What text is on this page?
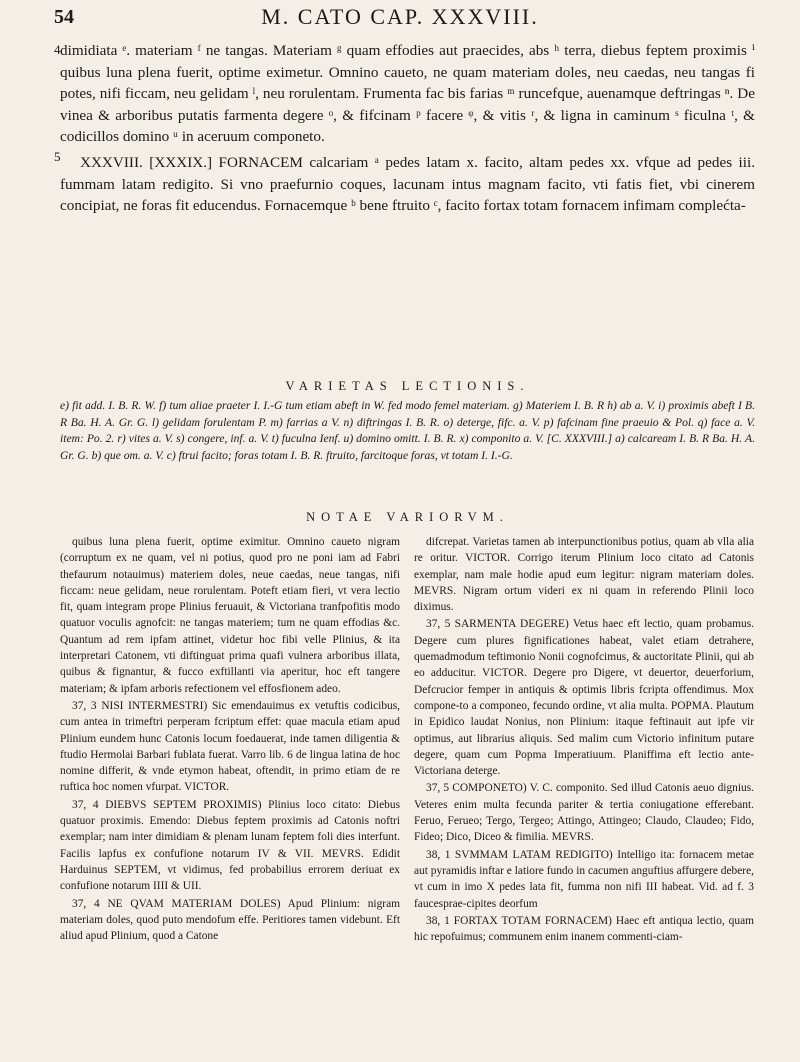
54	M. CATO CAP. XXXVIII.
4
5

dimidiata ᵉ. materiam ᶠ ne tangas. Materiam ᵍ quam effodies aut praecides, abs ʰ terra, diebus feptem proximis ⁱ quibus luna plena fuerit, optime eximetur. Omnino caueto, ne quam materiam doles, neu caedas, neu tangas fi potes, nifi ficcam, neu gelidam ˡ, neu rorulentam. Frumenta fac bis farias ᵐ runcefque, auenamque deftringas ⁿ. De vinea & arboribus putatis farmenta degere ᵒ, & fifcinam ᵖ facere ᵠ, & vitis ʳ, & ligna in caminum ˢ ficulna ᵗ, & codicillos domino ᵘ in aceruum componeto.

XXXVIII. [XXXIX.] FORNACEM calcariam ᵃ pedes latam x. facito, altam pedes xx. vfque ad pedes iii. fummam latam redigito. Si vno praefurnio coques, lacunam intus magnam facito, vti fatis fiet, vbi cinerem concipiat, ne foras fit educendus. Fornacemque ᵇ bene ftruito ᶜ, facito fortax totam fornacem infimam complećta-

VARIETAS LECTIONIS.

e) fit add. I. B. R. W. f) tum aliae praeter I. I.-G tum etiam abeft in W. fed modo femel materiam. g) Materiem I. B. R h) ab a. V. i) proximis abeft I B. R Ba. H. A. Gr. G. l) gelidam forulentam P. m) farrias a V. n) diftringas I. B. R. o) deterge, fifc. a. V. p) fafcinam fine praeuio & Pol. q) face a. V. item: Po. 2. r) vites a. V. s) congere, inf. a. V. t) fuculna Ienf. u) domino omitt. I. B. R. x) componito a. V. [C. XXXVIII.] a) calcaream I. B. R Ba. H. A. Gr. G. b) que om. a. V. c) ftrui facito; foras totam I. B. R. ftruito, farcitoque foras, vt totam I. I.-G.

NOTAE VARIORVM.

quibus luna plena fuerit, optime eximitur. Omnino caueto nigram (corruptum ex ne quam, vel ni potius, quod pro ne poni iam ad Fabri thefaurum notauimus) materiem doles, neue caedas, neue tangas, nifi ficcam: neue gelidam, neue rorulentam. Poteft etiam fieri, vt vera lectio fit, quam integram prope Plinius feruauit, & Victoriana tranfpofitis modo quatuor voculis agnofcit: ne tangas materiem; tum ne quam effodias &c. Quantum ad rem ipfam attinet, videtur hoc fibi velle Plinius, & ita interpretari Catonem, vti diftinguat prima quafi vulnera arboribus illata, quibus & fignantur, & fucco exftillanti via aperitur, hoc eft tangere materiam; & ipfam arboris refectionem vel effosfionem adeo.

37, 3 NISI INTERMESTRI) Sic emendauimus ex vetuftis codicibus, cum antea in trimeftri perperam fcriptum effet: quae macula etiam apud Plinium eundem hunc Catonis locum foedauerat, inde tamen diligentia & ftudio Hermolai Barbari fublata fuerat. Varro lib. 6 de lingua latina de hoc nomine differit, & vnde etymon habeat, oftendit, in primo etiam de re ruftica hoc nomen vfurpat. VICTOR.

37, 4 DIEBVS SEPTEM PROXIMIS) Plinius loco citato: Diebus quatuor proximis. Emendo: Diebus feptem proximis ad Catonis noftri exemplar; nam inter dimidiam & plenam lunam feptem foli dies interfunt. Facilis lapfus ex confufione notarum IV & VII. MEVRS. Edidit Harduinus SEPTEM, vt vidimus, fed probabilius errorem deriuat ex confufione notarum IIII & UII.

37, 4 NE QVAM MATERIAM DOLES) Apud Plinium: nigram materiam doles, quod puto mendofum effe. Peritiores tamen videbunt. Eft aliud apud Plinium, quod a Catone

difcrepat. Varietas tamen ab interpunctionibus potius, quam ab vlla alia re oritur. VICTOR. Corrigo iterum Plinium loco citato ad Catonis exemplar, nam male hodie apud eum legitur: nigram materiam doles. MEVRS. Nigram ortum videri ex ni quam in referendo Plinii loco diximus.

37, 5 SARMENTA DEGERE) Vetus haec eft lectio, quam probamus. Degere cum plures fignificationes habeat, valet etiam detrahere, quemadmodum teftimonio Nonii cognofcimus, & auctoritate Plinii, qui ab eo adducitur. VICTOR. Degere pro Digere, vt deuertor, deuerforium, Defcrucior femper in antiquis & optimis libris fcripta offendimus. Mox compone-to a componeo, fecundo ordine, vt alia multa. POPMA. Plautum in Epidico laudat Nonius, non Plinium: itaque feftinauit aut ipfe vir optimus, aut librarius aliquis. Sed malim cum Victorio infinitum putare degere, quam cum Popma Imperatiuum. Planiffima eft lectio ante-Victoriana deterge.

37, 5 COMPONETO) V. C. componito. Sed illud Catonis aeuo dignius. Veteres enim multa fecunda pariter & tertia coniugatione efferebant. Feruo, Ferueo; Tergo, Tergeo; Attingo, Attingeo; Claudo, Claudeo; Fido, Fideo; Dico, Diceo & fimilia. MEVRS.

38, 1 SVMMAM LATAM REDIGITO) Intelligo ita: fornacem metae aut pyramidis inftar e latiore fundo in cacumen anguftius affurgere debere, vt cum in imo X pedes lata fit, fumma non nifi III habeat. Vid. ad f. 3 faucesprae-cipites deorfum

38, 1 FORTAX TOTAM FORNACEM) Haec eft antiqua lectio, quam hic repofuimus; communem enim inanem commenti-ciam-
